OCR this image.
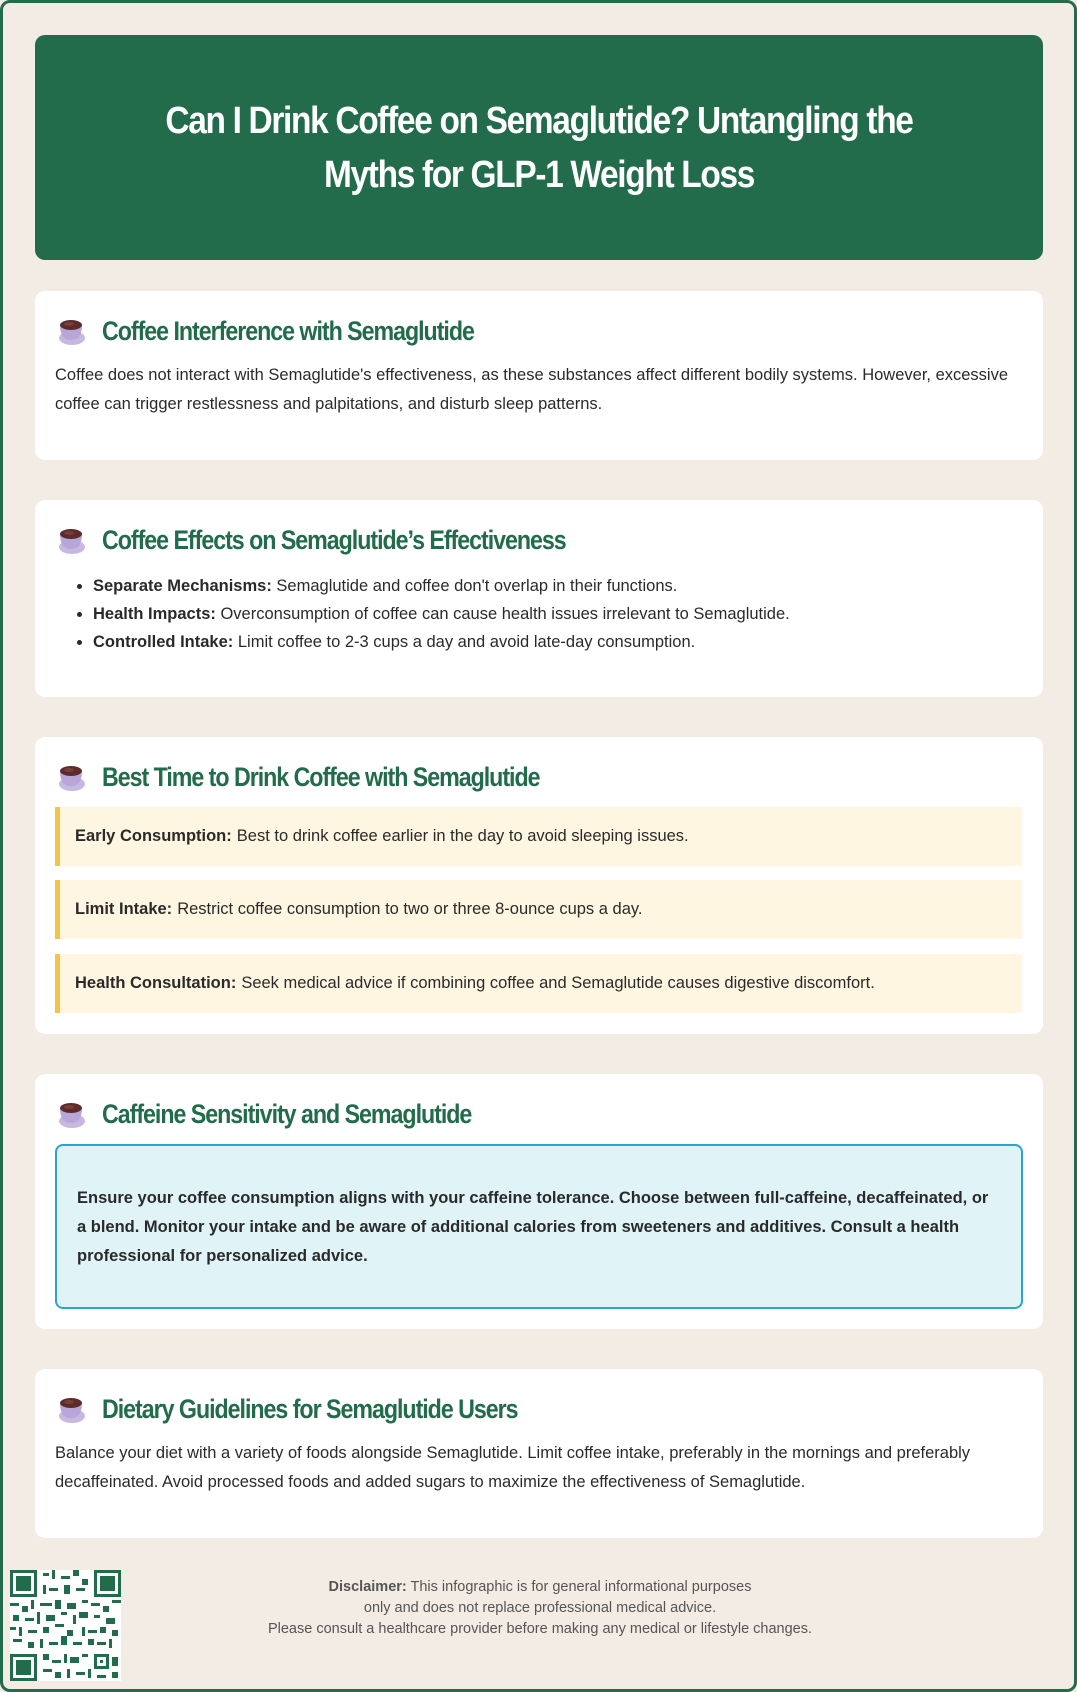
Can I Drink Coffee on Semaglutide? Untangling the Myths for GLP-1 Weight Loss
Coffee Interference with Semaglutide
Coffee does not interact with Semaglutide's effectiveness, as these substances affect different bodily systems. However, excessive coffee can trigger restlessness and palpitations, and disturb sleep patterns.
Coffee Effects on Semaglutide’s Effectiveness
• Separate Mechanisms: Semaglutide and coffee don't overlap in their functions.
• Health Impacts: Overconsumption of coffee can cause health issues irrelevant to Semaglutide.
• Controlled Intake: Limit coffee to 2-3 cups a day and avoid late-day consumption.
Best Time to Drink Coffee with Semaglutide
Early Consumption: Best to drink coffee earlier in the day to avoid sleeping issues.
Limit Intake: Restrict coffee consumption to two or three 8-ounce cups a day.
Health Consultation: Seek medical advice if combining coffee and Semaglutide causes digestive discomfort.
Caffeine Sensitivity and Semaglutide
Ensure your coffee consumption aligns with your caffeine tolerance. Choose between full-caffeine, decaffeinated, or a blend. Monitor your intake and be aware of additional calories from sweeteners and additives. Consult a health professional for personalized advice.
Dietary Guidelines for Semaglutide Users
Balance your diet with a variety of foods alongside Semaglutide. Limit coffee intake, preferably in the mornings and preferably decaffeinated. Avoid processed foods and added sugars to maximize the effectiveness of Semaglutide.
Disclaimer: This infographic is for general informational purposes
only and does not replace professional medical advice.
Please consult a healthcare provider before making any medical or lifestyle changes.
